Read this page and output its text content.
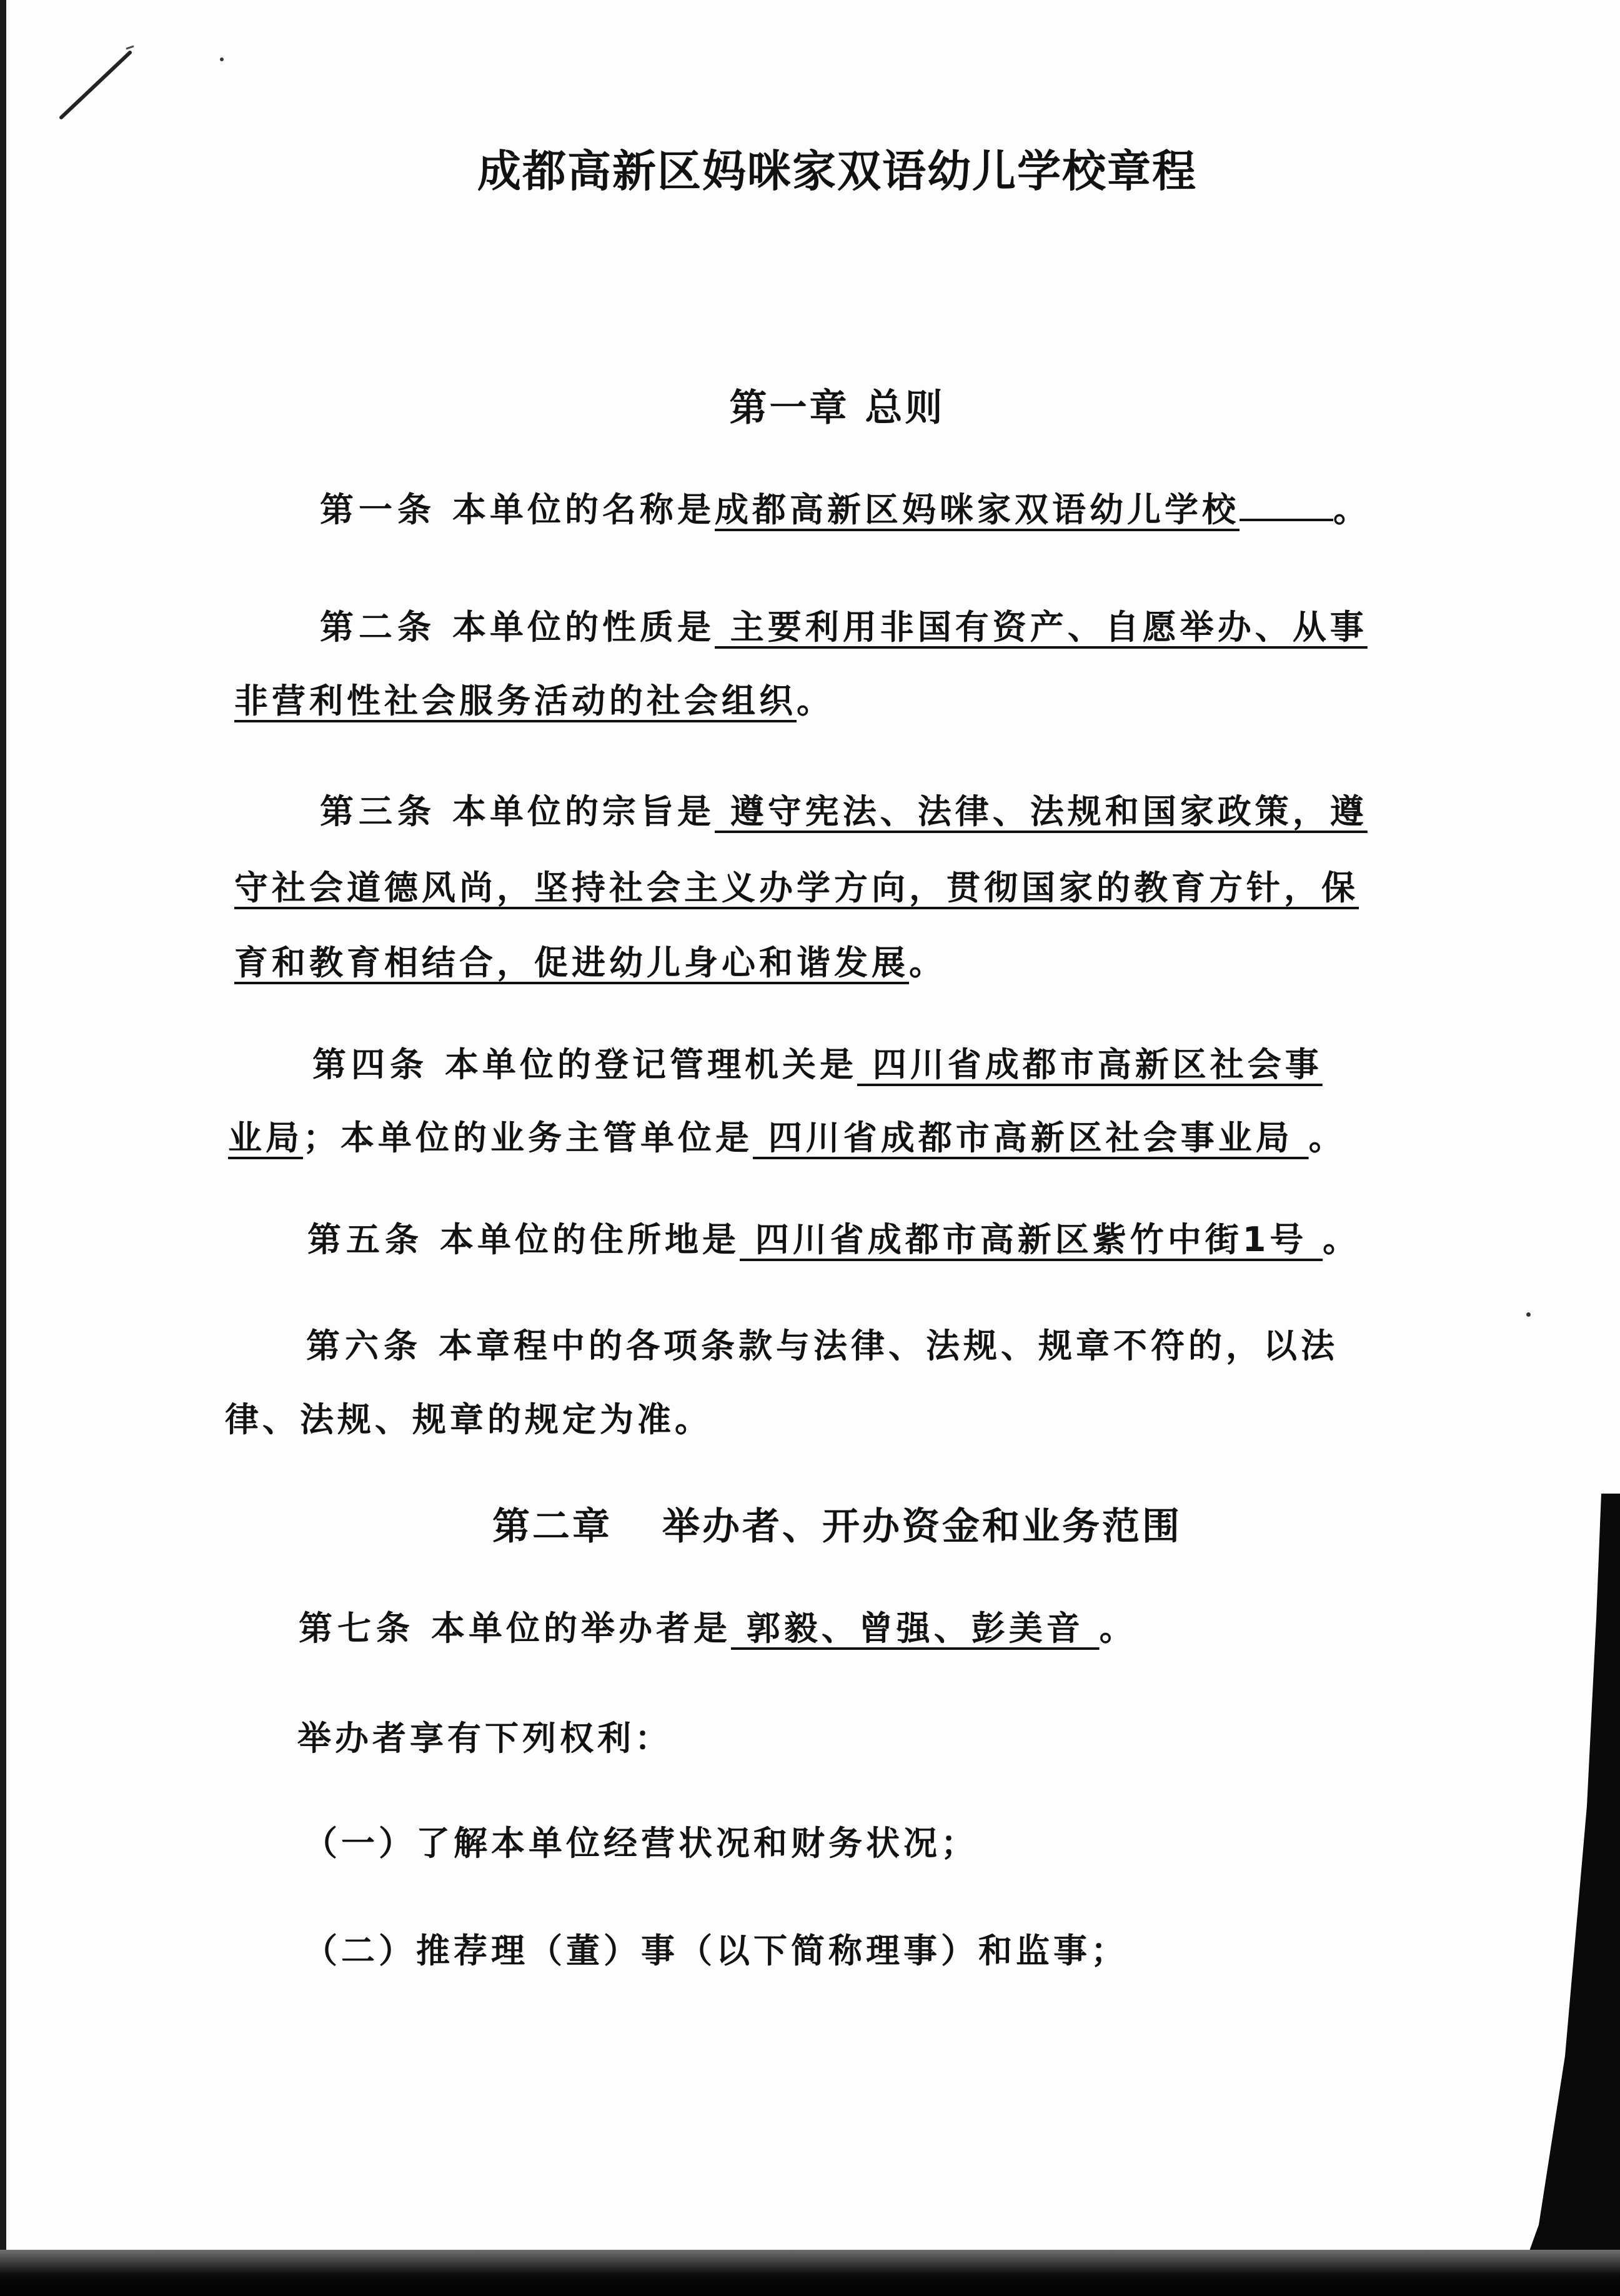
成都高新区妈咪家双语幼儿学校章程
第一章 总则
第一条 本单位的名称是成都高新区妈咪家双语幼儿学校	。
第二条 本单位的性质是 主要利用非国有资产、自愿举办、从事
非营利性社会服务活动的社会组织。
第三条 本单位的宗旨是 遵守宪法、法律、法规和国家政策，遵
守社会道德风尚，坚持社会主义办学方向，贯彻国家的教育方针，保
育和教育相结合，促进幼儿身心和谐发展。
第四条 本单位的登记管理机关是 四川省成都市高新区社会事
业局；本单位的业务主管单位是 四川省成都市高新区社会事业局 。
第五条 本单位的住所地是 四川省成都市高新区紫竹中街1号 。
第六条 本章程中的各项条款与法律、法规、规章不符的，以法
律、法规、规章的规定为准。
第二章 举办者、开办资金和业务范围
第七条 本单位的举办者是 郭毅、曾强、彭美音 。
举办者享有下列权利：
（一）了解本单位经营状况和财务状况；
（二）推荐理（董）事（以下简称理事）和监事；
